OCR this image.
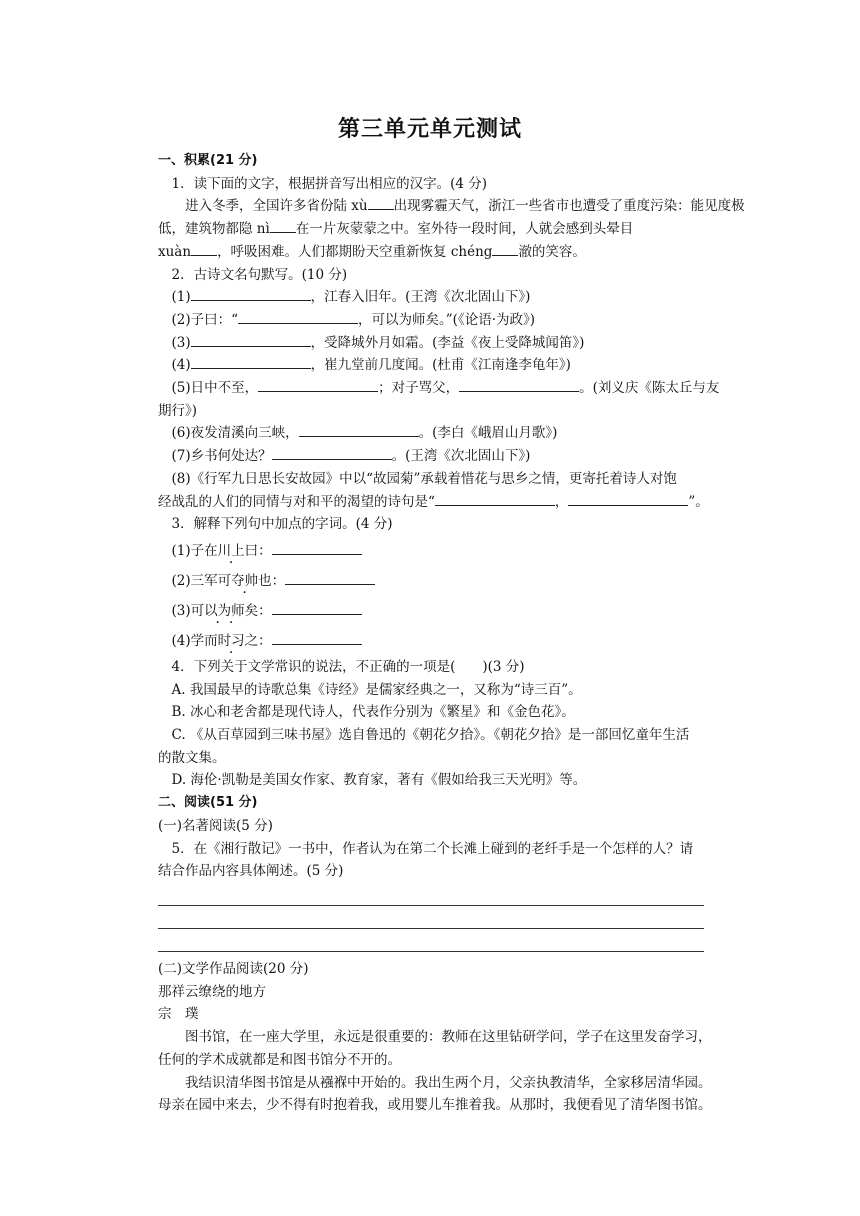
第三单元单元测试

一、积累(21 分)

1．读下面的文字，根据拼音写出相应的汉字。(4 分)

进入冬季，全国许多省份陆 xù 出现雾霾天气，浙江一些省市也遭受了重度污染：能见度极低，建筑物都隐 nì 在一片灰蒙蒙之中。室外待一段时间，人就会感到头晕目
xuàn ，呼吸困难。人们都期盼天空重新恢复 chéng 澈的笑容。

2．古诗文名句默写。(10 分)

(1)	，江春入旧年。(王湾《次北固山下》)

(2)子曰：“	，可以为师矣。”(《论语·为政》)

(3)	，受降城外月如霜。(李益《夜上受降城闻笛》)

(4)	，崔九堂前几度闻。(杜甫《江南逢李龟年》)

(5)日中不至，	；对子骂父，	。(刘义庆《陈太丘与友
期行》)

(6)夜发清溪向三峡，	。(李白《峨眉山月歌》)

(7)乡书何处达？	。(王湾《次北固山下》)

(8)《行军九日思长安故园》中以“故园菊”承载着惜花与思乡之情，更寄托着诗人对饱
经战乱的人们的同情与对和平的渴望的诗句是“	，	”。

3．解释下列句中加点的字词。(4 分)

(1)子在川上曰：

(2)三军可夺帅也：

(3)可以为师矣：

(4)学而时习之：

4．下列关于文学常识的说法，不正确的一项是(　　)(3 分)

A. 我国最早的诗歌总集《诗经》是儒家经典之一，又称为“诗三百”。

B. 冰心和老舍都是现代诗人，代表作分别为《繁星》和《金色花》。

C. 《从百草园到三味书屋》选自鲁迅的《朝花夕拾》。《朝花夕拾》是一部回忆童年生活
的散文集。

D. 海伦·凯勒是美国女作家、教育家，著有《假如给我三天光明》等。

二、阅读(51 分)

(一)名著阅读(5 分)

5．在《湘行散记》一书中，作者认为在第二个长滩上碰到的老纤手是一个怎样的人？请
结合作品内容具体阐述。(5 分)

(二)文学作品阅读(20 分)

那祥云缭绕的地方

宗　璞

图书馆，在一座大学里，永远是很重要的：教师在这里钻研学问，学子在这里发奋学习，
任何的学术成就都是和图书馆分不开的。

我结识清华图书馆是从襁褓中开始的。我出生两个月，父亲执教清华，全家移居清华园。
母亲在园中来去，少不得有时抱着我，或用婴儿车推着我。从那时，我便看见了清华图书馆。
